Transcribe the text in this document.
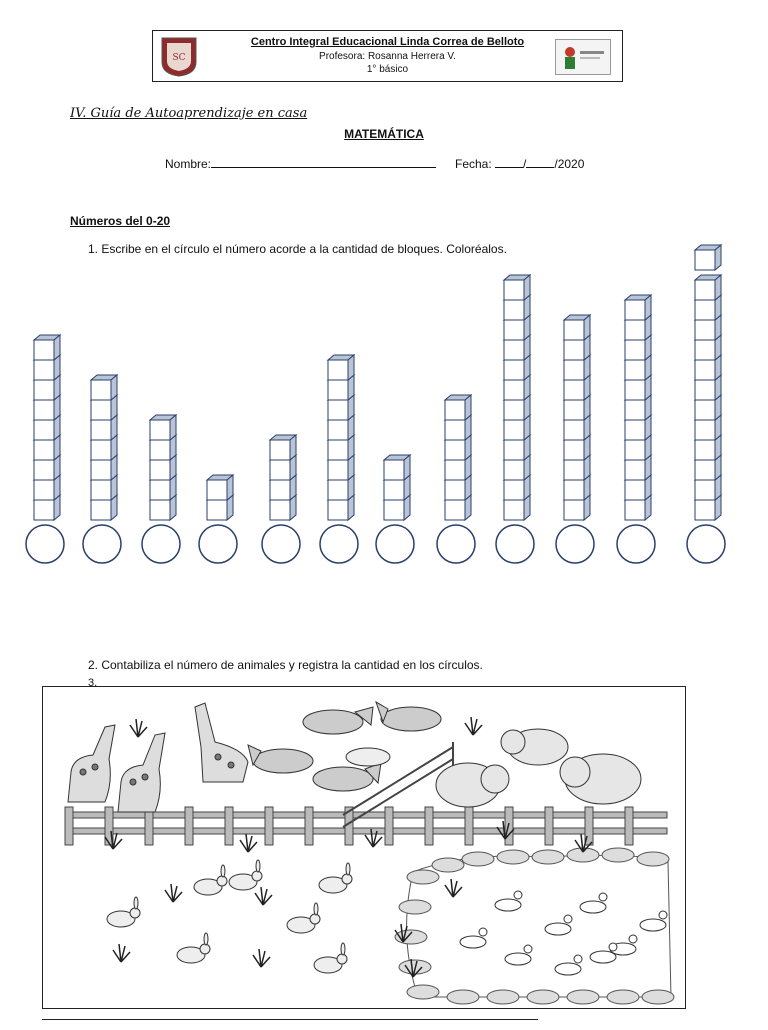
SC
Centro Integral Educacional Linda Correa de Belloto
Profesora: Rosanna Herrera V.
1° básico
IV. Guía de Autoaprendizaje en casa
MATEMÁTICA
Nombre:	Fecha:	/ /2020
Números del 0-20
1. Escribe en el círculo el número acorde a la cantidad de bloques. Coloréalos.
2. Contabiliza el número de animales y registra la cantidad en los círculos.
3.
